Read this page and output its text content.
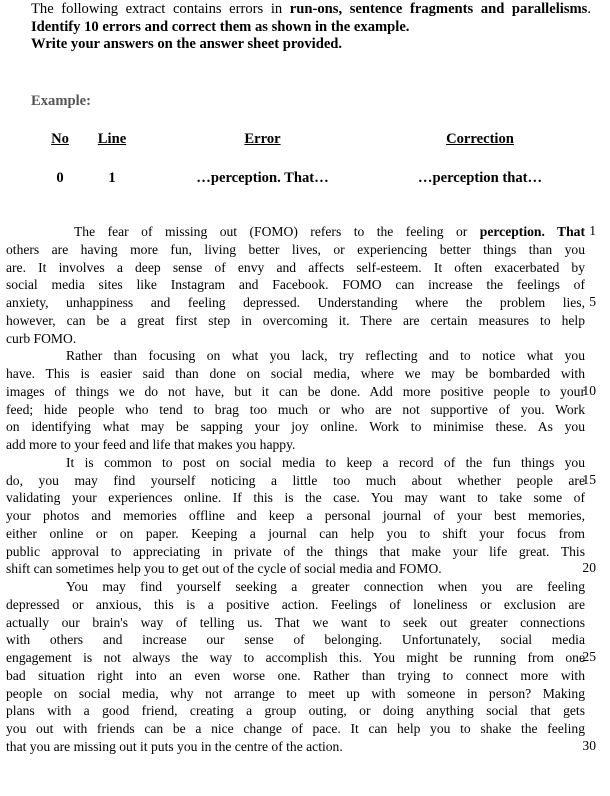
The following extract contains errors in run-ons, sentence fragments and parallelisms.
Identify 10 errors and correct them as shown in the example.
Write your answers on the answer sheet provided.
Example:
No	Line	Error	Correction
0	1	…perception. That…	…perception that…
The fear of missing out (FOMO) refers to the feeling or perception. That
others are having more fun, living better lives, or experiencing better things than you
are. It involves a deep sense of envy and affects self-esteem. It often exacerbated by
social media sites like Instagram and Facebook. FOMO can increase the feelings of
anxiety, unhappiness and feeling depressed. Understanding where the problem lies,
however, can be a great first step in overcoming it. There are certain measures to help
curb FOMO.
Rather than focusing on what you lack, try reflecting and to notice what you
have. This is easier said than done on social media, where we may be bombarded with
images of things we do not have, but it can be done. Add more positive people to your
feed; hide people who tend to brag too much or who are not supportive of you. Work
on identifying what may be sapping your joy online. Work to minimise these. As you
add more to your feed and life that makes you happy.
It is common to post on social media to keep a record of the fun things you
do, you may find yourself noticing a little too much about whether people are
validating your experiences online. If this is the case. You may want to take some of
your photos and memories offline and keep a personal journal of your best memories,
either online or on paper. Keeping a journal can help you to shift your focus from
public approval to appreciating in private of the things that make your life great. This
shift can sometimes help you to get out of the cycle of social media and FOMO.
You may find yourself seeking a greater connection when you are feeling
depressed or anxious, this is a positive action. Feelings of loneliness or exclusion are
actually our brain's way of telling us. That we want to seek out greater connections
with others and increase our sense of belonging. Unfortunately, social media
engagement is not always the way to accomplish this. You might be running from one
bad situation right into an even worse one. Rather than trying to connect more with
people on social media, why not arrange to meet up with someone in person? Making
plans with a good friend, creating a group outing, or doing anything social that gets
you out with friends can be a nice change of pace. It can help you to shake the feeling
that you are missing out it puts you in the centre of the action.
1
5
10
15
20
25
30
